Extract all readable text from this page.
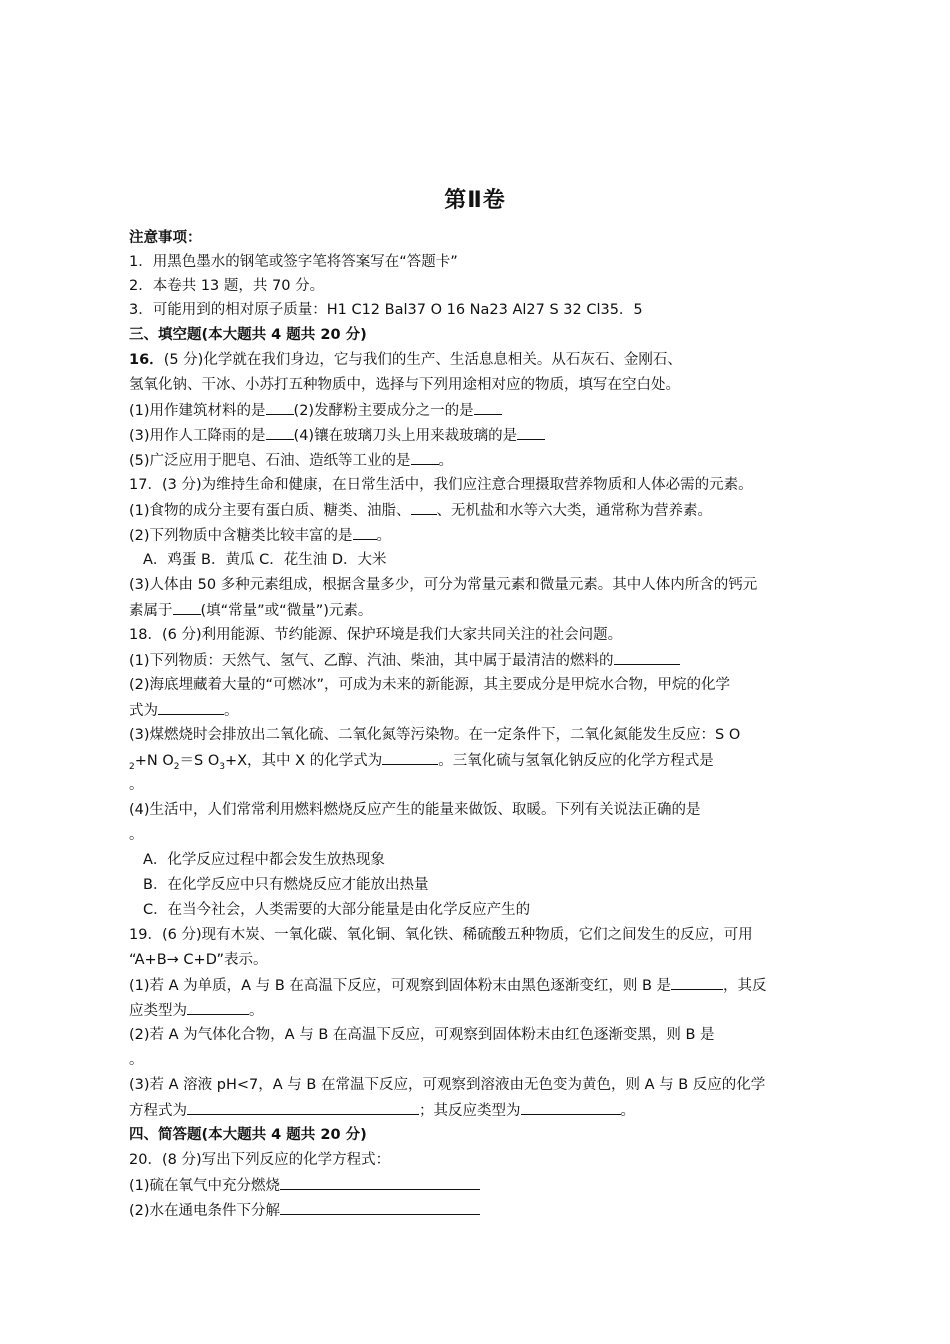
第Ⅱ卷
注意事项：
1．用黑色墨水的钢笔或签字笔将答案写在“答题卡”
2．本卷共 13 题，共 70 分。
3．可能用到的相对原子质量：H1 C12 Bal37 O 16 Na23 Al27 S 32 Cl35．5
三、填空题(本大题共 4 题共 20 分)
16．(5 分)化学就在我们身边，它与我们的生产、生活息息相关。从石灰石、金刚石、
氢氧化钠、干冰、小苏打五种物质中，选择与下列用途相对应的物质，填写在空白处。
(1)用作建筑材料的是 (2)发酵粉主要成分之一的是
(3)用作人工降雨的是 (4)镶在玻璃刀头上用来裁玻璃的是
(5)广泛应用于肥皂、石油、造纸等工业的是 。
17．(3 分)为维持生命和健康，在日常生活中，我们应注意合理摄取营养物质和人体必需的元素。
(1)食物的成分主要有蛋白质、糖类、油脂、 、无机盐和水等六大类，通常称为营养素。
(2)下列物质中含糖类比较丰富的是 。
A．鸡蛋 B．黄瓜 C．花生油 D．大米
(3)人体由 50 多种元素组成，根据含量多少，可分为常量元素和微量元素。其中人体内所含的钙元
素属于 (填“常量”或“微量”)元素。
18．(6 分)利用能源、节约能源、保护环境是我们大家共同关注的社会问题。
(1)下列物质：天然气、氢气、乙醇、汽油、柴油，其中属于最清洁的燃料的
(2)海底埋藏着大量的“可燃冰”，可成为未来的新能源，其主要成分是甲烷水合物，甲烷的化学
式为	。
(3)煤燃烧时会排放出二氧化硫、二氧化氮等污染物。在一定条件下，二氧化氮能发生反应：S O
$_2$+N $O_2=S$ $O_3+X$，其中 X 的化学式为	。三氧化硫与氢氧化钠反应的化学方程式是
。
(4)生活中，人们常常利用燃料燃烧反应产生的能量来做饭、取暖。下列有关说法正确的是
。
A．化学反应过程中都会发生放热现象
B．在化学反应中只有燃烧反应才能放出热量
C．在当今社会，人类需要的大部分能量是由化学反应产生的
19．(6 分)现有木炭、一氧化碳、氧化铜、氧化铁、稀硫酸五种物质，它们之间发生的反应，可用
“A+B→ C+D”表示。
(1)若 A 为单质，A 与 B 在高温下反应，可观察到固体粉末由黑色逐渐变红，则 B 是	，其反
应类型为	。
(2)若 A 为气体化合物，A 与 B 在高温下反应，可观察到固体粉末由红色逐渐变黑，则 B 是
。
(3)若 A 溶液 pH<7，A 与 B 在常温下反应，可观察到溶液由无色变为黄色，则 A 与 B 反应的化学
方程式为	；其反应类型为	。
四、简答题(本大题共 4 题共 20 分)
20．(8 分)写出下列反应的化学方程式：
(1)硫在氧气中充分燃烧
(2)水在通电条件下分解
